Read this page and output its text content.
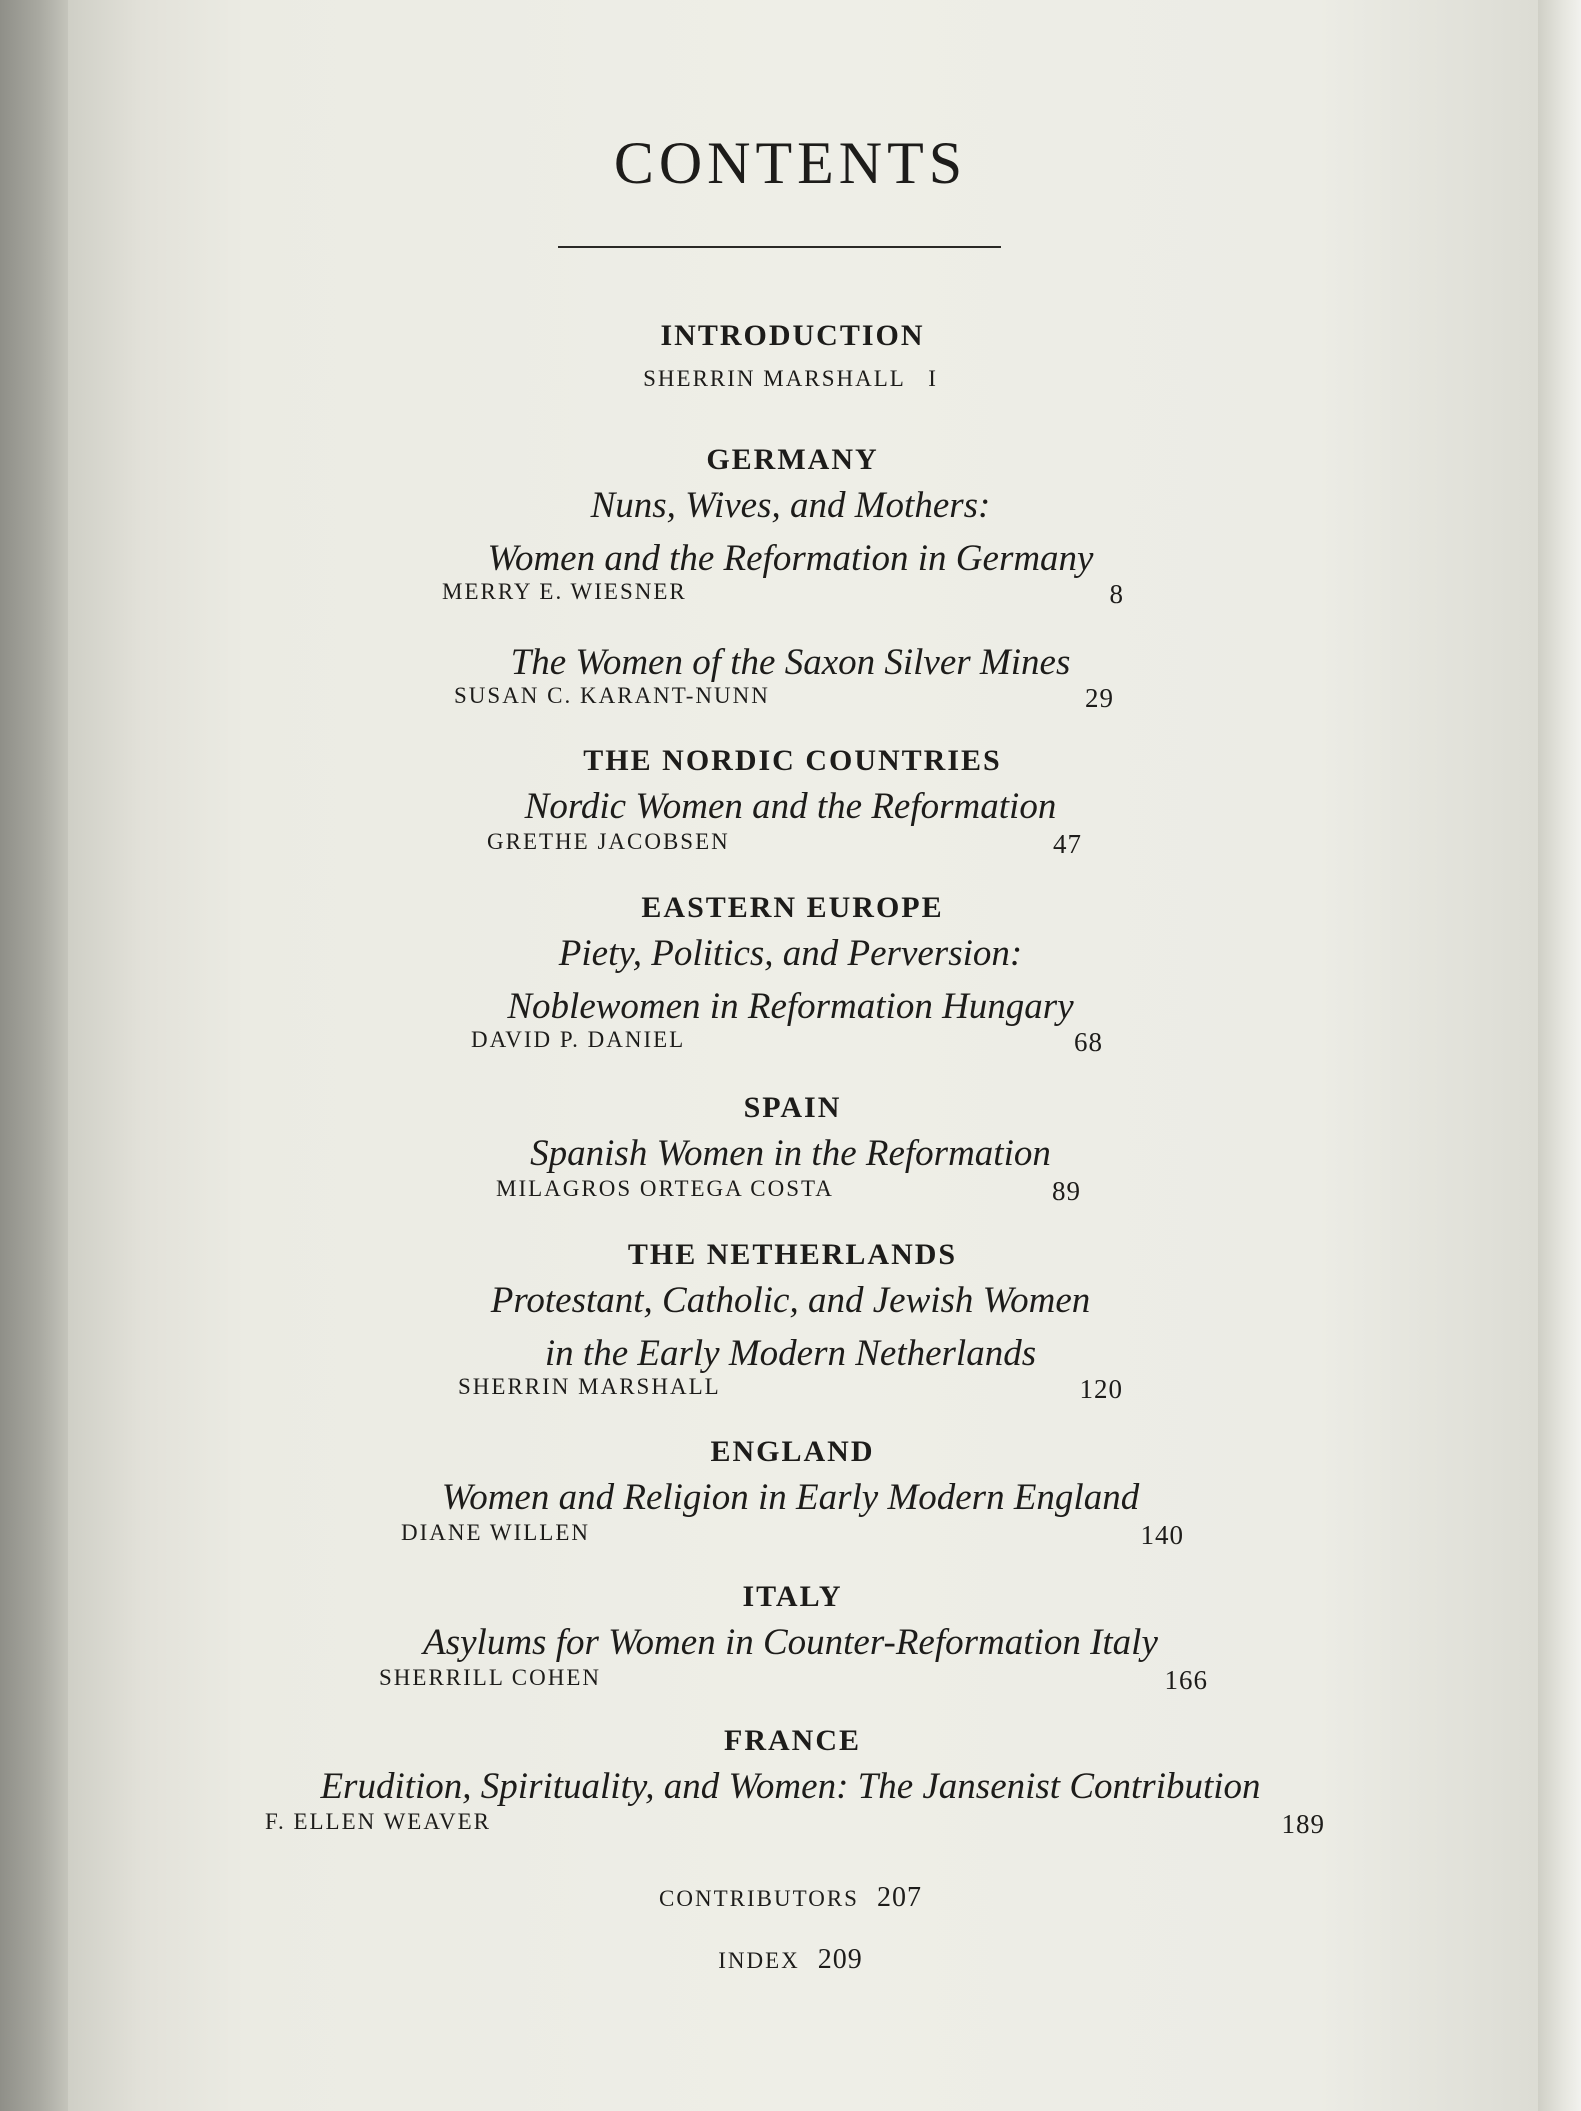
CONTENTS
INTRODUCTION
SHERRIN MARSHALL   I
GERMANY
Nuns, Wives, and Mothers:
Women and the Reformation in Germany
MERRY E. WIESNER	8
The Women of the Saxon Silver Mines
SUSAN C. KARANT-NUNN	29
THE NORDIC COUNTRIES
Nordic Women and the Reformation
GRETHE JACOBSEN	47
EASTERN EUROPE
Piety, Politics, and Perversion:
Noblewomen in Reformation Hungary
DAVID P. DANIEL	68
SPAIN
Spanish Women in the Reformation
MILAGROS ORTEGA COSTA	89
THE NETHERLANDS
Protestant, Catholic, and Jewish Women
in the Early Modern Netherlands
SHERRIN MARSHALL	120
ENGLAND
Women and Religion in Early Modern England
DIANE WILLEN	140
ITALY
Asylums for Women in Counter-Reformation Italy
SHERRILL COHEN	166
FRANCE
Erudition, Spirituality, and Women: The Jansenist Contribution
F. ELLEN WEAVER	189
CONTRIBUTORS 207
INDEX 209
